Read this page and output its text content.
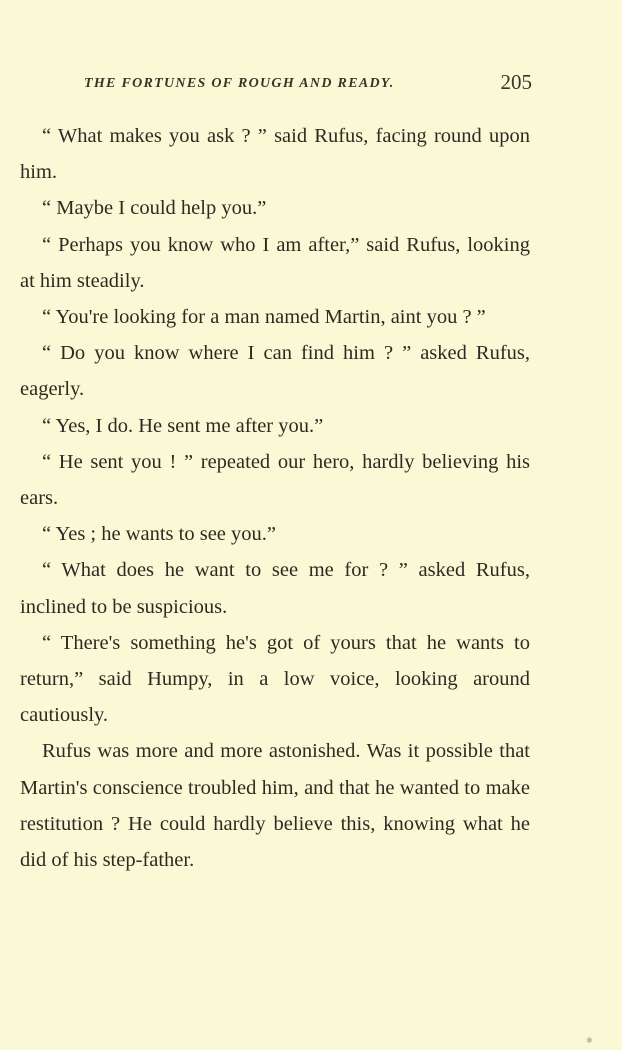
THE FORTUNES OF ROUGH AND READY.	205

“ What makes you ask ? ” said Rufus, facing round upon him.

“ Maybe I could help you.”

“ Perhaps you know who I am after,” said Rufus, looking at him steadily.

“ You're looking for a man named Martin, aint you ? ”

“ Do you know where I can find him ? ” asked Rufus, eagerly.

“ Yes, I do. He sent me after you.”

“ He sent you ! ” repeated our hero, hardly believing his ears.

“ Yes ; he wants to see you.”

“ What does he want to see me for ? ” asked Rufus, inclined to be suspicious.

“ There's something he's got of yours that he wants to return,” said Humpy, in a low voice, looking around cautiously.

Rufus was more and more astonished. Was it possible that Martin's conscience troubled him, and that he wanted to make restitution ? He could hardly believe this, knowing what he did of his step-father.

✱
